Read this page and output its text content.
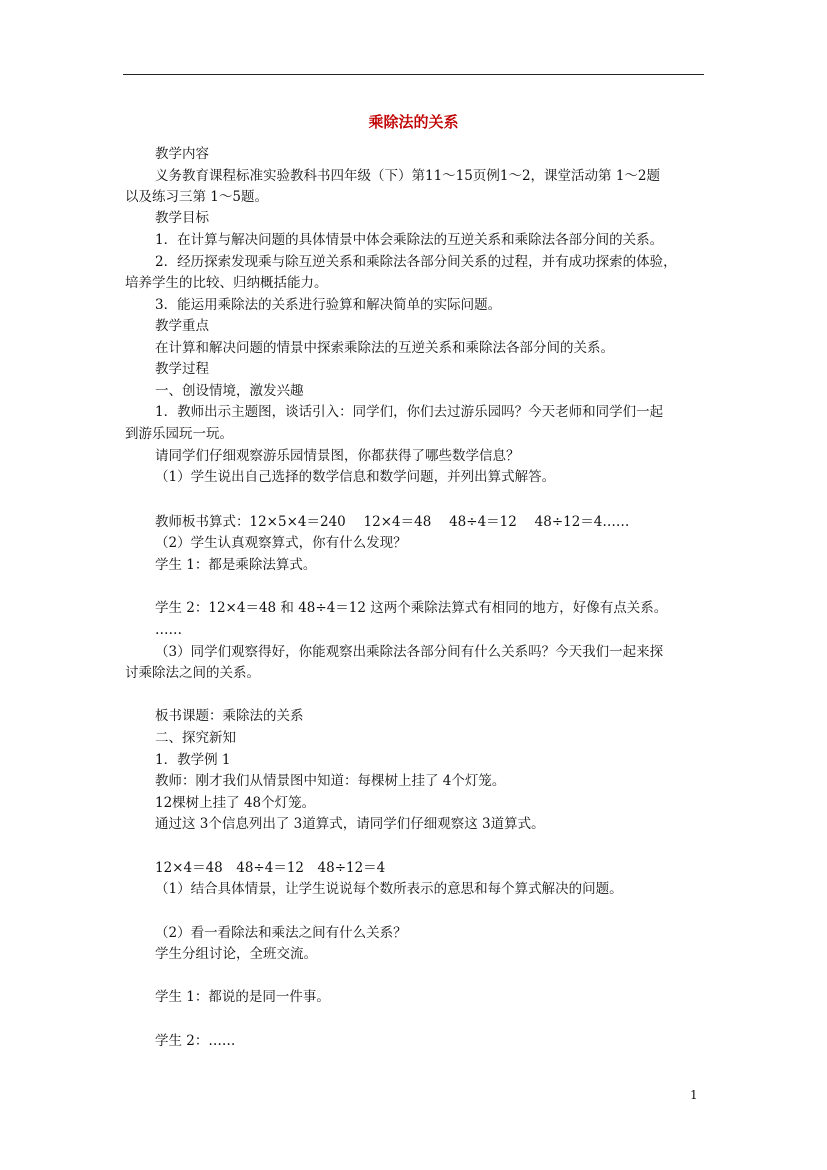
乘除法的关系
教学内容
义务教育课程标准实验教科书四年级（下）第11～15页例1～2，课堂活动第 1～2题
以及练习三第 1～5题。
教学目标
1．在计算与解决问题的具体情景中体会乘除法的互逆关系和乘除法各部分间的关系。
2．经历探索发现乘与除互逆关系和乘除法各部分间关系的过程，并有成功探索的体验，
培养学生的比较、归纳概括能力。
3．能运用乘除法的关系进行验算和解决简单的实际问题。
教学重点
在计算和解决问题的情景中探索乘除法的互逆关系和乘除法各部分间的关系。
教学过程
一、创设情境，激发兴趣
1．教师出示主题图，谈话引入：同学们，你们去过游乐园吗？今天老师和同学们一起
到游乐园玩一玩。
请同学们仔细观察游乐园情景图，你都获得了哪些数学信息？
（1）学生说出自己选择的数学信息和数学问题，并列出算式解答。
教师板书算式：12×5×4＝240　 12×4＝48　 48÷4＝12　 48÷12＝4……
（2）学生认真观察算式，你有什么发现？
学生 1：都是乘除法算式。
学生 2：12×4＝48 和 48÷4＝12 这两个乘除法算式有相同的地方，好像有点关系。
……
（3）同学们观察得好，你能观察出乘除法各部分间有什么关系吗？今天我们一起来探
讨乘除法之间的关系。
板书课题：乘除法的关系
二、探究新知
1．教学例 1
教师：刚才我们从情景图中知道：每棵树上挂了 4个灯笼。
12棵树上挂了 48个灯笼。
通过这 3个信息列出了 3道算式，请同学们仔细观察这 3道算式。
12×4＝48　48÷4＝12　48÷12＝4
（1）结合具体情景，让学生说说每个数所表示的意思和每个算式解决的问题。
（2）看一看除法和乘法之间有什么关系？
学生分组讨论，全班交流。
学生 1：都说的是同一件事。
学生 2：……
1
